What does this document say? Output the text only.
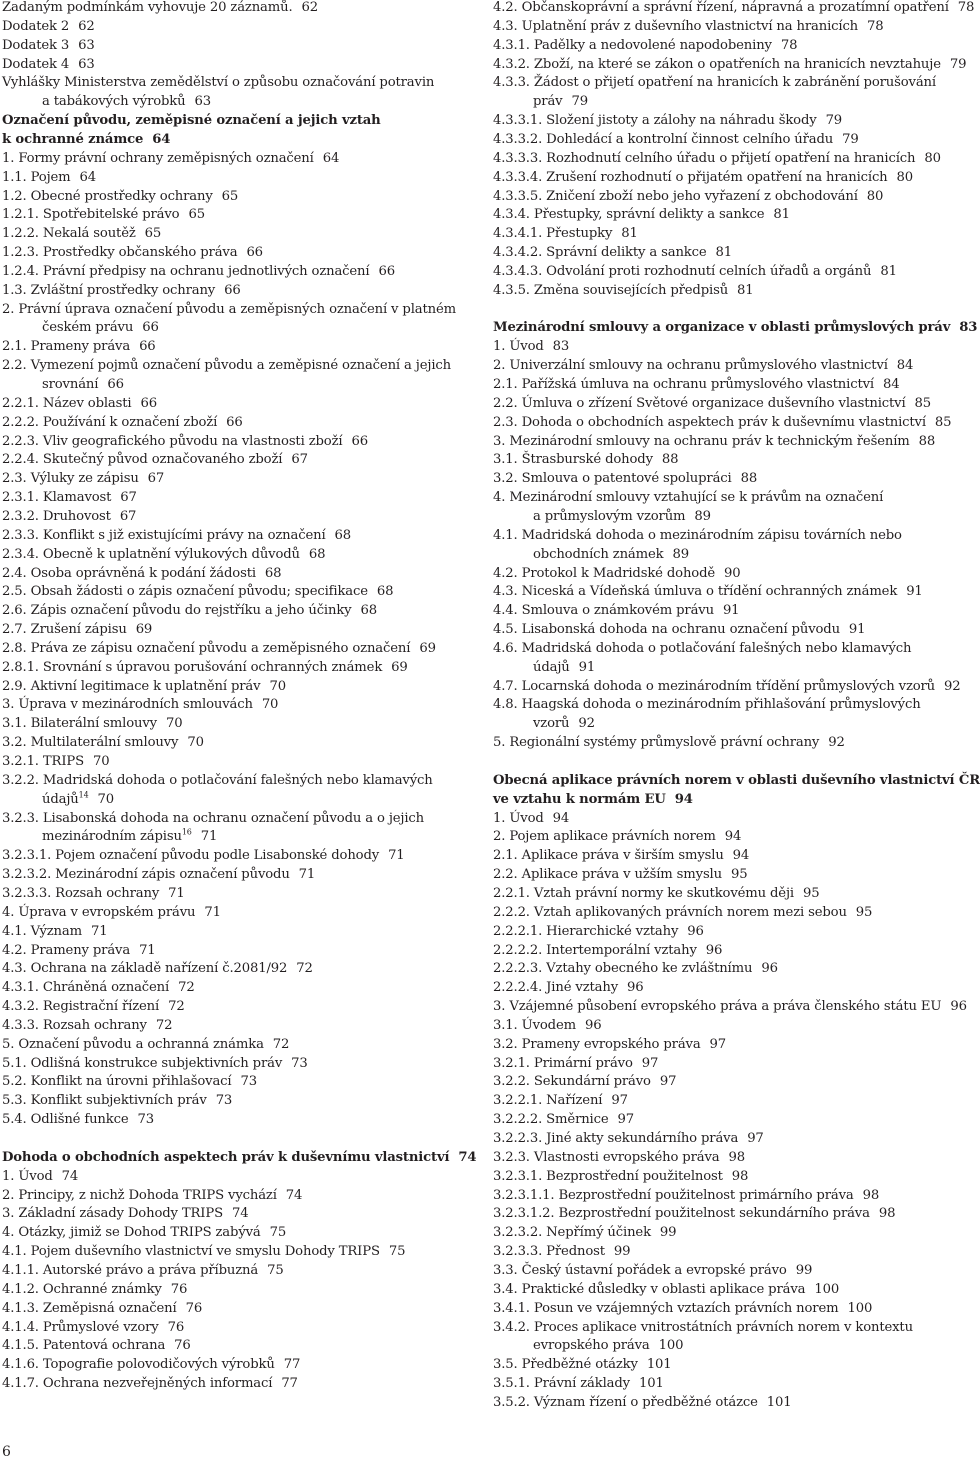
Zadaným podmínkám vyhovuje 20 záznamů. 62
Dodatek 2 62
Dodatek 3 63
Dodatek 4 63
Vyhlášky Ministerstva zemědělství o způsobu označování potravin
a tabákových výrobků 63
Označení původu, zeměpisné označení a jejich vztah
k ochranné známce 64
1. Formy právní ochrany zeměpisných označení 64
1.1. Pojem 64
1.2. Obecné prostředky ochrany 65
1.2.1. Spotřebitelské právo 65
1.2.2. Nekalá soutěž 65
1.2.3. Prostředky občanského práva 66
1.2.4. Právní předpisy na ochranu jednotlivých označení 66
1.3. Zvláštní prostředky ochrany 66
2. Právní úprava označení původu a zeměpisných označení v platném
českém právu 66
2.1. Prameny práva 66
2.2. Vymezení pojmů označení původu a zeměpisné označení a jejich
srovnání 66
2.2.1. Název oblasti 66
2.2.2. Používání k označení zboží 66
2.2.3. Vliv geografického původu na vlastnosti zboží 66
2.2.4. Skutečný původ označovaného zboží 67
2.3. Výluky ze zápisu 67
2.3.1. Klamavost 67
2.3.2. Druhovost 67
2.3.3. Konflikt s již existujícími právy na označení 68
2.3.4. Obecně k uplatnění výlukových důvodů 68
2.4. Osoba oprávněná k podání žádosti 68
2.5. Obsah žádosti o zápis označení původu; specifikace 68
2.6. Zápis označení původu do rejstříku a jeho účinky 68
2.7. Zrušení zápisu 69
2.8. Práva ze zápisu označení původu a zeměpisného označení 69
2.8.1. Srovnání s úpravou porušování ochranných známek 69
2.9. Aktivní legitimace k uplatnění práv 70
3. Úprava v mezinárodních smlouvách 70
3.1. Bilaterální smlouvy 70
3.2. Multilaterální smlouvy 70
3.2.1. TRIPS 70
3.2.2. Madridská dohoda o potlačování falešných nebo klamavých
údajů$^{14}$ 70
3.2.3. Lisabonská dohoda na ochranu označení původu a o jejich
mezinárodním zápisu$^{16}$ 71
3.2.3.1. Pojem označení původu podle Lisabonské dohody 71
3.2.3.2. Mezinárodní zápis označení původu 71
3.2.3.3. Rozsah ochrany 71
4. Úprava v evropském právu 71
4.1. Význam 71
4.2. Prameny práva 71
4.3. Ochrana na základě nařízení č.2081/92 72
4.3.1. Chráněná označení 72
4.3.2. Registrační řízení 72
4.3.3. Rozsah ochrany 72
5. Označení původu a ochranná známka 72
5.1. Odlišná konstrukce subjektivních práv 73
5.2. Konflikt na úrovni přihlašovací 73
5.3. Konflikt subjektivních práv 73
5.4. Odlišné funkce 73
Dohoda o obchodních aspektech práv k duševnímu vlastnictví 74
1. Úvod 74
2. Principy, z nichž Dohoda TRIPS vychází 74
3. Základní zásady Dohody TRIPS 74
4. Otázky, jimiž se Dohod TRIPS zabývá 75
4.1. Pojem duševního vlastnictví ve smyslu Dohody TRIPS 75
4.1.1. Autorské právo a práva příbuzná 75
4.1.2. Ochranné známky 76
4.1.3. Zeměpisná označení 76
4.1.4. Průmyslové vzory 76
4.1.5. Patentová ochrana 76
4.1.6. Topografie polovodičových výrobků 77
4.1.7. Ochrana nezveřejněných informací 77
4.2. Občanskoprávní a správní řízení, nápravná a prozatímní opatření 78
4.3. Uplatnění práv z duševního vlastnictví na hranicích 78
4.3.1. Padělky a nedovolené napodobeniny 78
4.3.2. Zboží, na které se zákon o opatřeních na hranicích nevztahuje 79
4.3.3. Žádost o přijetí opatření na hranicích k zabránění porušování
práv 79
4.3.3.1. Složení jistoty a zálohy na náhradu škody 79
4.3.3.2. Dohledácí a kontrolní činnost celního úřadu 79
4.3.3.3. Rozhodnutí celního úřadu o přijetí opatření na hranicích 80
4.3.3.4. Zrušení rozhodnutí o přijatém opatření na hranicích 80
4.3.3.5. Zničení zboží nebo jeho vyřazení z obchodování 80
4.3.4. Přestupky, správní delikty a sankce 81
4.3.4.1. Přestupky 81
4.3.4.2. Správní delikty a sankce 81
4.3.4.3. Odvolání proti rozhodnutí celních úřadů a orgánů 81
4.3.5. Změna souvisejících předpisů 81
Mezinárodní smlouvy a organizace v oblasti průmyslových práv 83
1. Úvod 83
2. Univerzální smlouvy na ochranu průmyslového vlastnictví 84
2.1. Pařížská úmluva na ochranu průmyslového vlastnictví 84
2.2. Úmluva o zřízení Světové organizace duševního vlastnictví 85
2.3. Dohoda o obchodních aspektech práv k duševnímu vlastnictví 85
3. Mezinárodní smlouvy na ochranu práv k technickým řešením 88
3.1. Štrasburské dohody 88
3.2. Smlouva o patentové spolupráci 88
4. Mezinárodní smlouvy vztahující se k právům na označení
a průmyslovým vzorům 89
4.1. Madridská dohoda o mezinárodním zápisu továrních nebo
obchodních známek 89
4.2. Protokol k Madridské dohodě 90
4.3. Niceská a Vídeňská úmluva o třídění ochranných známek 91
4.4. Smlouva o známkovém právu 91
4.5. Lisabonská dohoda na ochranu označení původu 91
4.6. Madridská dohoda o potlačování falešných nebo klamavých
údajů 91
4.7. Locarnská dohoda o mezinárodním třídění průmyslových vzorů 92
4.8. Haagská dohoda o mezinárodním přihlašování průmyslových
vzorů 92
5. Regionální systémy průmyslově právní ochrany 92
Obecná aplikace právních norem v oblasti duševního vlastnictví ČR
ve vztahu k normám EU 94
1. Úvod 94
2. Pojem aplikace právních norem 94
2.1. Aplikace práva v širším smyslu 94
2.2. Aplikace práva v užším smyslu 95
2.2.1. Vztah právní normy ke skutkovému ději 95
2.2.2. Vztah aplikovaných právních norem mezi sebou 95
2.2.2.1. Hierarchické vztahy 96
2.2.2.2. Intertemporální vztahy 96
2.2.2.3. Vztahy obecného ke zvláštnímu 96
2.2.2.4. Jiné vztahy 96
3. Vzájemné působení evropského práva a práva členského státu EU 96
3.1. Úvodem 96
3.2. Prameny evropského práva 97
3.2.1. Primární právo 97
3.2.2. Sekundární právo 97
3.2.2.1. Nařízení 97
3.2.2.2. Směrnice 97
3.2.2.3. Jiné akty sekundárního práva 97
3.2.3. Vlastnosti evropského práva 98
3.2.3.1. Bezprostřední použitelnost 98
3.2.3.1.1. Bezprostřední použitelnost primárního práva 98
3.2.3.1.2. Bezprostřední použitelnost sekundárního práva 98
3.2.3.2. Nepřímý účinek 99
3.2.3.3. Přednost 99
3.3. Český ústavní pořádek a evropské právo 99
3.4. Praktické důsledky v oblasti aplikace práva 100
3.4.1. Posun ve vzájemných vztazích právních norem 100
3.4.2. Proces aplikace vnitrostátních právních norem v kontextu
evropského práva 100
3.5. Předběžné otázky 101
3.5.1. Právní základy 101
3.5.2. Význam řízení o předběžné otázce 101
6
